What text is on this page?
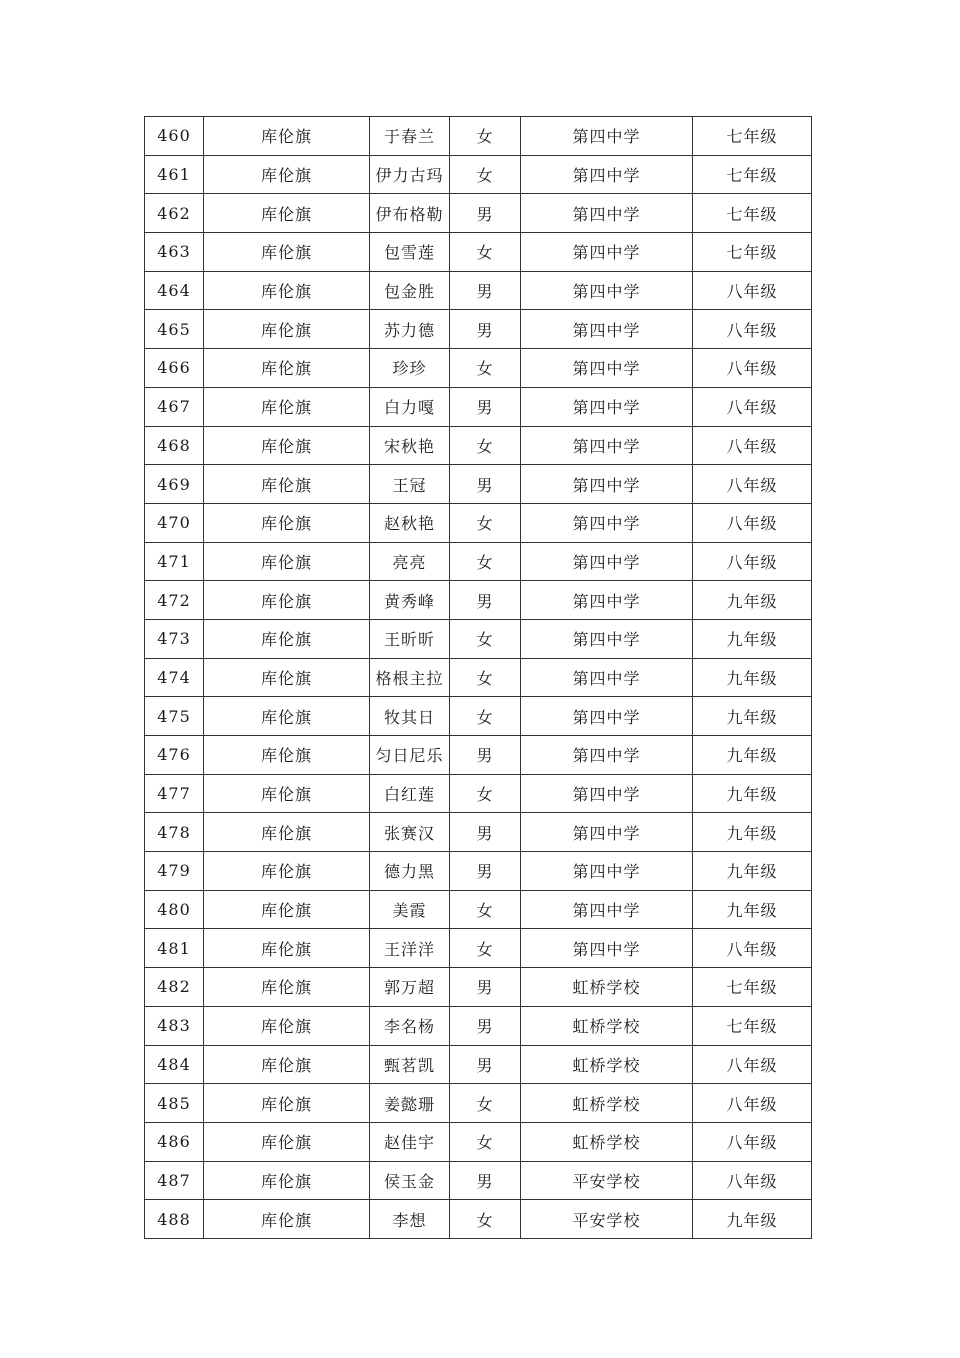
460	库伦旗	于春兰	女	第四中学	七年级
461	库伦旗	伊力古玛	女	第四中学	七年级
462	库伦旗	伊布格勒	男	第四中学	七年级
463	库伦旗	包雪莲	女	第四中学	七年级
464	库伦旗	包金胜	男	第四中学	八年级
465	库伦旗	苏力德	男	第四中学	八年级
466	库伦旗	珍珍	女	第四中学	八年级
467	库伦旗	白力嘎	男	第四中学	八年级
468	库伦旗	宋秋艳	女	第四中学	八年级
469	库伦旗	王冠	男	第四中学	八年级
470	库伦旗	赵秋艳	女	第四中学	八年级
471	库伦旗	亮亮	女	第四中学	八年级
472	库伦旗	黄秀峰	男	第四中学	九年级
473	库伦旗	王昕昕	女	第四中学	九年级
474	库伦旗	格根主拉	女	第四中学	九年级
475	库伦旗	牧其日	女	第四中学	九年级
476	库伦旗	匀日尼乐	男	第四中学	九年级
477	库伦旗	白红莲	女	第四中学	九年级
478	库伦旗	张赛汉	男	第四中学	九年级
479	库伦旗	德力黑	男	第四中学	九年级
480	库伦旗	美霞	女	第四中学	九年级
481	库伦旗	王洋洋	女	第四中学	八年级
482	库伦旗	郭万超	男	虹桥学校	七年级
483	库伦旗	李名杨	男	虹桥学校	七年级
484	库伦旗	甄茗凯	男	虹桥学校	八年级
485	库伦旗	姜懿珊	女	虹桥学校	八年级
486	库伦旗	赵佳宇	女	虹桥学校	八年级
487	库伦旗	侯玉金	男	平安学校	八年级
488	库伦旗	李想	女	平安学校	九年级
